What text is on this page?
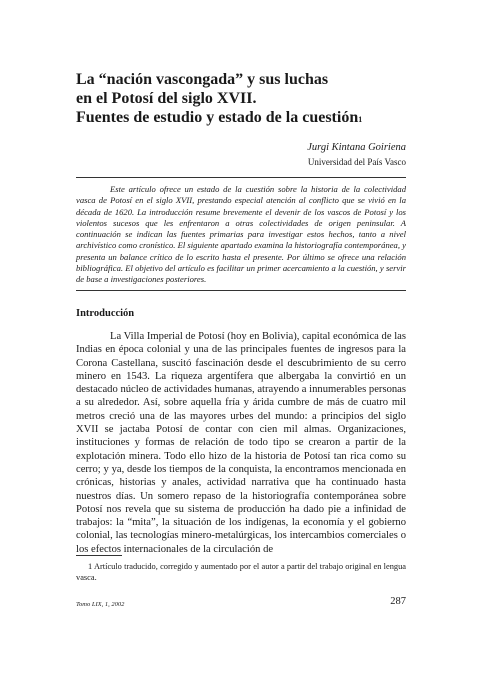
La “nación vascongada” y sus luchas
en el Potosí del siglo XVII.
Fuentes de estudio y estado de la cuestión$^1$
Jurgi Kintana Goiriena
Universidad del País Vasco
Este artículo ofrece un estado de la cuestión sobre la historia de la colectividad vasca de Potosí en el siglo XVII, prestando especial atención al conflicto que se vivió en la década de 1620. La introducción resume brevemente el devenir de los vascos de Potosí y los violentos sucesos que les enfrentaron a otras colectividades de origen peninsular. A continuación se indican las fuentes primarias para investigar estos hechos, tanto a nivel archivístico como cronístico. El siguiente apartado examina la historiografía contemporánea, y presenta un balance crítico de lo escrito hasta el presente. Por último se ofrece una relación bibliográfica. El objetivo del artículo es facilitar un primer acercamiento a la cuestión, y servir de base a investigaciones posteriores.
Introducción

La Villa Imperial de Potosí (hoy en Bolivia), capital económica de las Indias en época colonial y una de las principales fuentes de ingresos para la Corona Castellana, suscitó fascinación desde el descubrimiento de su cerro minero en 1543. La riqueza argentífera que albergaba la convirtió en un destacado núcleo de actividades humanas, atrayendo a innumerables personas a su alrededor. Así, sobre aquella fría y árida cumbre de más de cuatro mil metros creció una de las mayores urbes del mundo: a principios del siglo XVII se jactaba Potosí de contar con cien mil almas. Organizaciones, instituciones y formas de relación de todo tipo se crearon a partir de la explotación minera. Todo ello hizo de la historia de Potosí tan rica como su cerro; y ya, desde los tiempos de la conquista, la encontramos mencionada en crónicas, historias y anales, actividad narrativa que ha continuado hasta nuestros días. Un somero repaso de la historiografía contemporánea sobre Potosí nos revela que su sistema de producción ha dado pie a infinidad de trabajos: la “mita”, la situación de los indígenas, la economía y el gobierno colonial, las tecnologías minero-metalúrgicas, los intercambios comerciales o los efectos internacionales de la circulación de

1 Artículo traducido, corregido y aumentado por el autor a partir del trabajo original en lengua vasca.
Tomo LIX, 1, 2002	287
